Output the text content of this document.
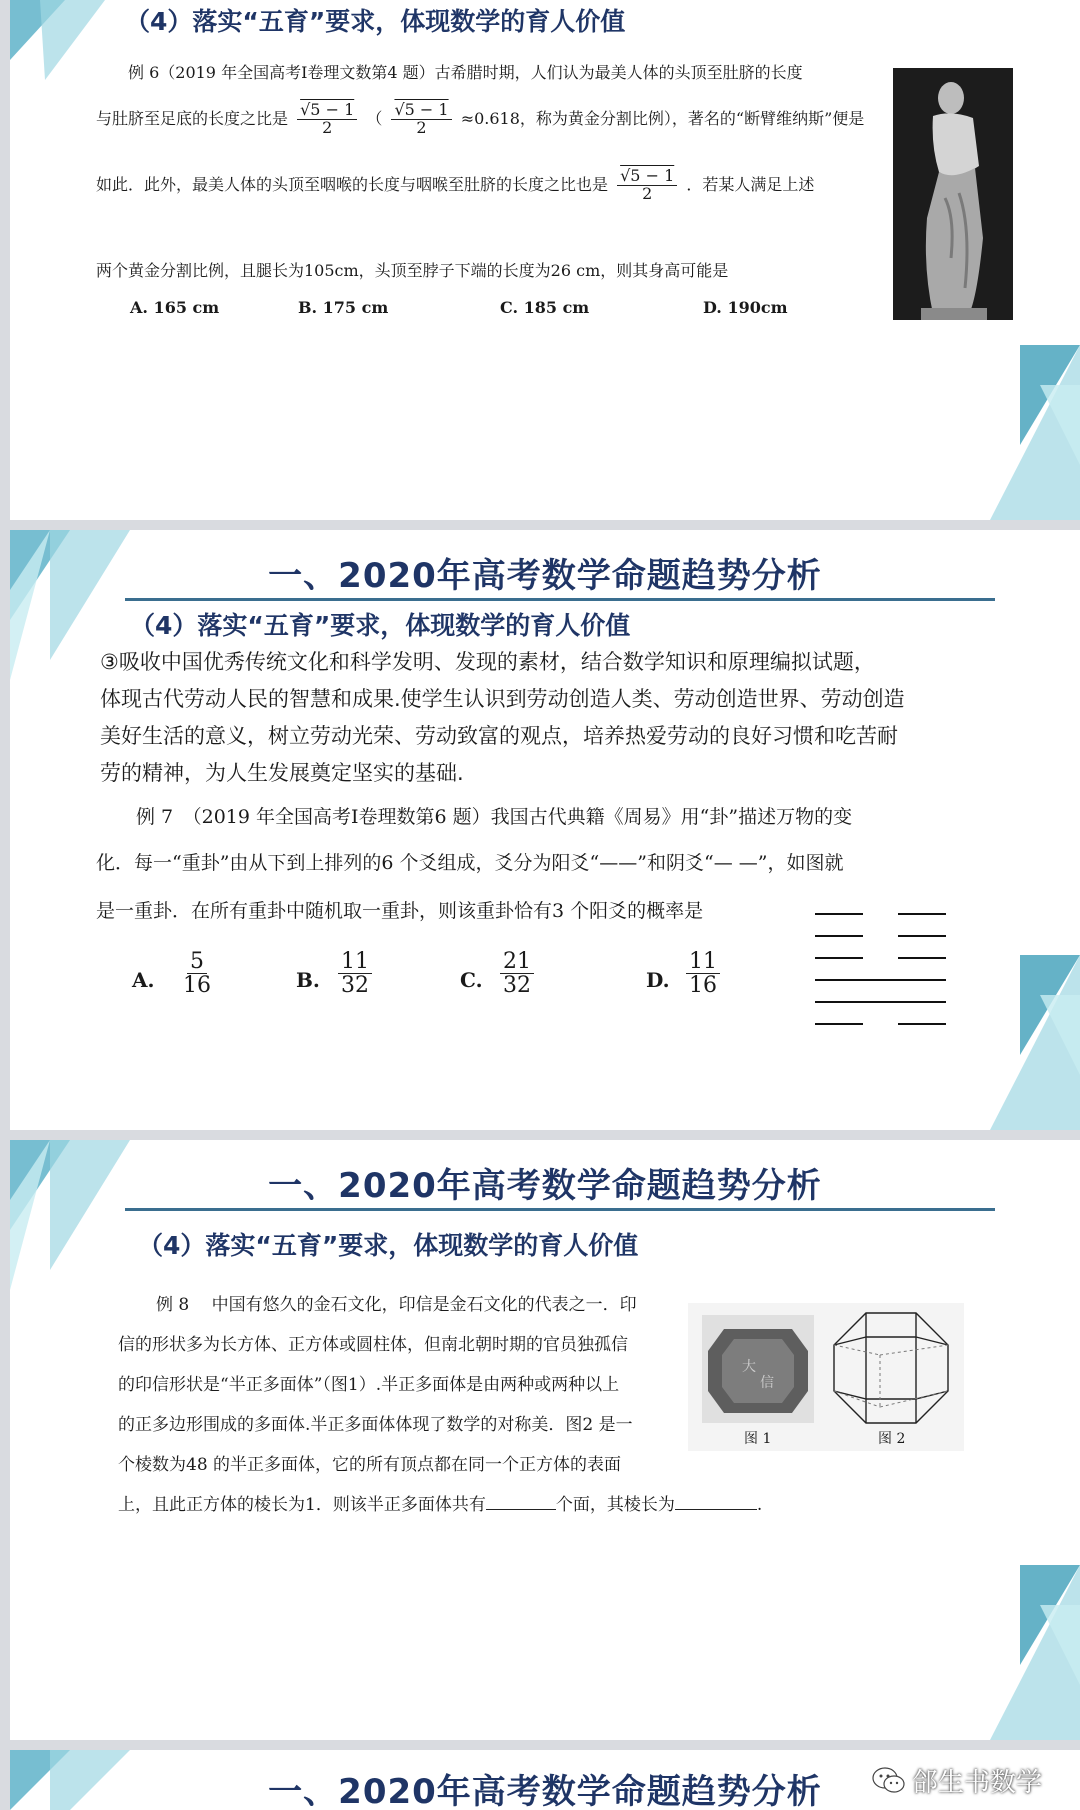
（4）落实“五育”要求，体现数学的育人价值
例 6（2019 年全国高考Ⅰ卷理文数第4 题）古希腊时期，人们认为最美人体的头顶至肚脐的长度
与肚脐至足底的长度之比是 $\frac{√5 - 1}{2}$ （ $\frac{√5 - 1}{2} \approx 0.618$，称为黄金分割比例），著名的“断臂维纳斯”便是
如此．此外，最美人体的头顶至咽喉的长度与咽喉至肚脐的长度之比也是 $\frac{√5 - 1}{2}$ ．若某人满足上述
两个黄金分割比例，且腿长为105cm，头顶至脖子下端的长度为26 cm，则其身高可能是
A. 165 cm	B. 175 cm	C. 185 cm	D. 190cm
一、2020年高考数学命题趋势分析
（4）落实“五育”要求，体现数学的育人价值
③吸收中国优秀传统文化和科学发明、发现的素材，结合数学知识和原理编拟试题，
体现古代劳动人民的智慧和成果.使学生认识到劳动创造人类、劳动创造世界、劳动创造
美好生活的意义，树立劳动光荣、劳动致富的观点，培养热爱劳动的良好习惯和吃苦耐
劳的精神，为人生发展奠定坚实的基础.
例 7　（2019 年全国高考Ⅰ卷理数第6 题）我国古代典籍《周易》用“卦”描述万物的变
化．每一“重卦”由从下到上排列的6 个爻组成，爻分为阳爻“——”和阴爻“— —”，如图就
是一重卦．在所有重卦中随机取一重卦，则该重卦恰有3 个阳爻的概率是
A. $\frac{5}{16}$	B. $\frac{11}{32}$	C. $\frac{21}{32}$	D. $\frac{11}{16}$
一、2020年高考数学命题趋势分析
（4）落实“五育”要求，体现数学的育人价值
例 8　 中国有悠久的金石文化，印信是金石文化的代表之一．印
信的形状多为长方体、正方体或圆柱体，但南北朝时期的官员独孤信
的印信形状是“半正多面体”（图1）.半正多面体是由两种或两种以上
的正多边形围成的多面体.半正多面体体现了数学的对称美．图2 是一
个棱数为48 的半正多面体，它的所有顶点都在同一个正方体的表面
上，且此正方体的棱长为1．则该半正多面体共有	个面，其棱长为	.
大
信
图 1	图 2
一、2020年高考数学命题趋势分析	郃生书数学
